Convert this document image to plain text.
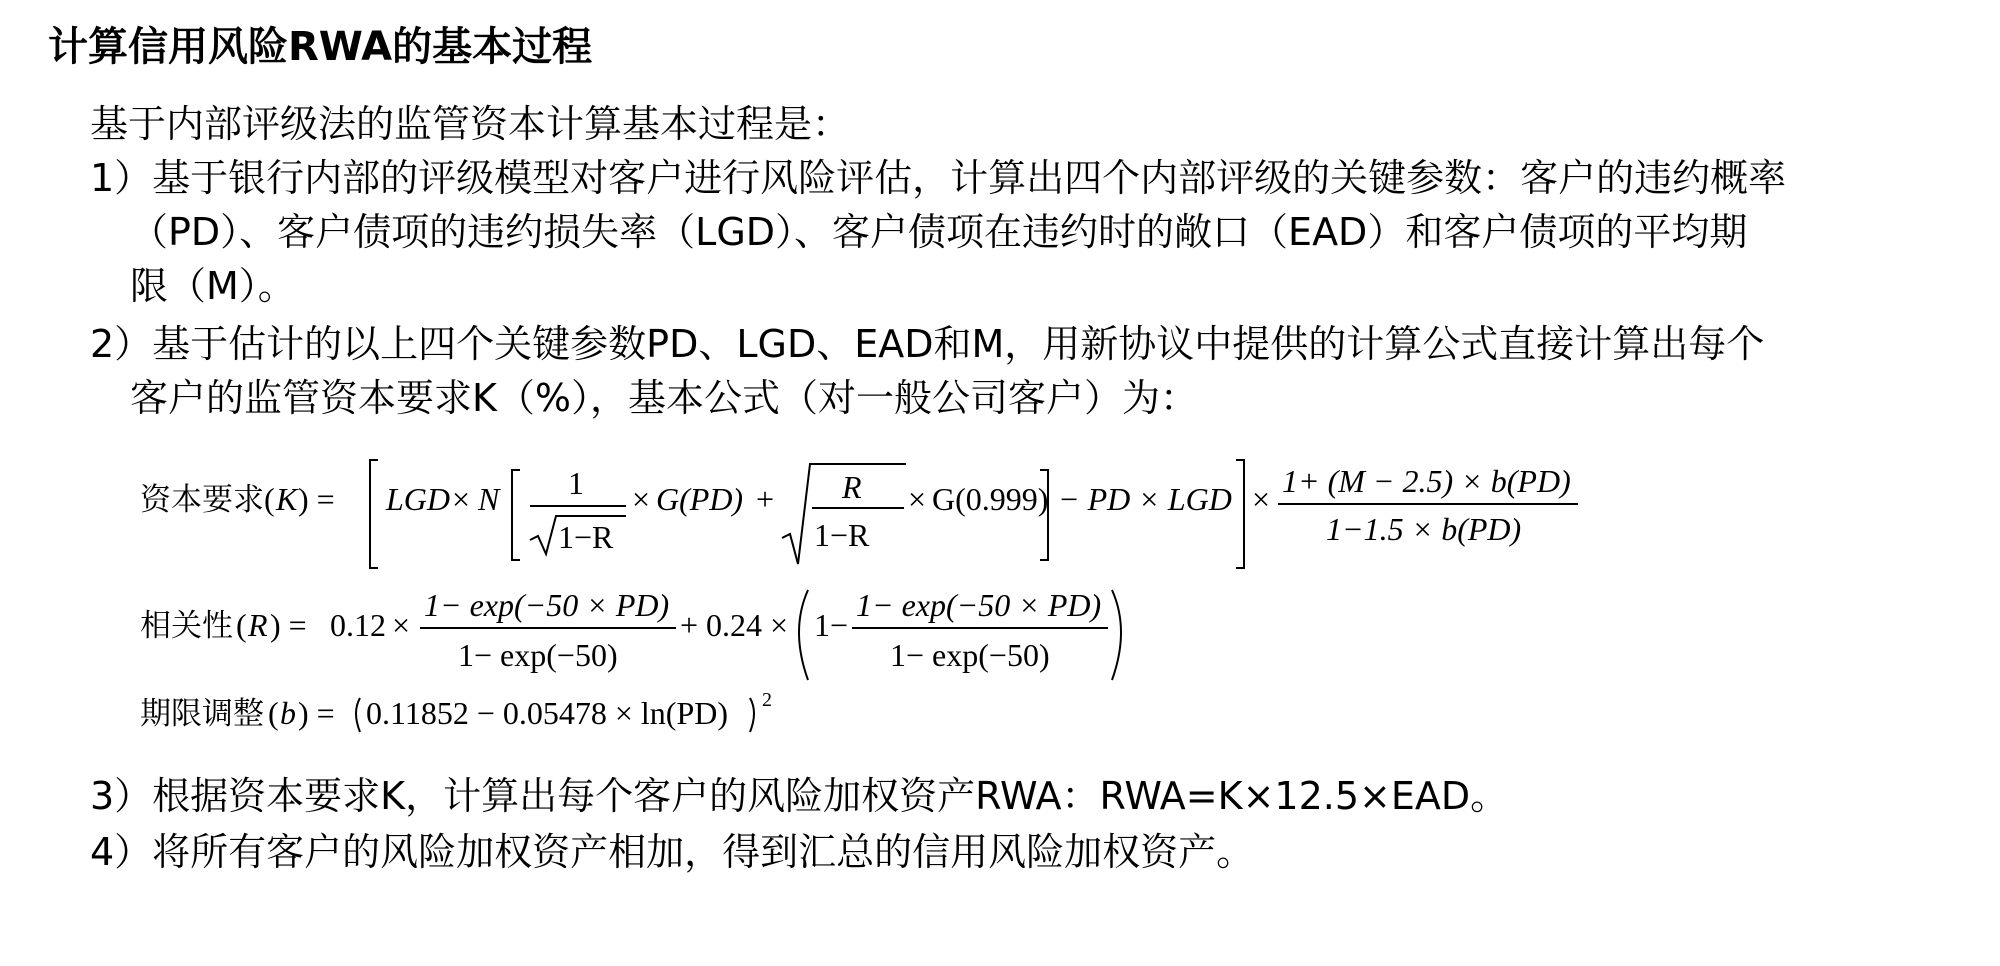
计算信用风险RWA的基本过程
基于内部评级法的监管资本计算基本过程是：
1）基于银行内部的评级模型对客户进行风险评估，计算出四个内部评级的关键参数：客户的违约概率
（PD）、客户债项的违约损失率（LGD）、客户债项在违约时的敞口（EAD）和客户债项的平均期
限（M）。
2）基于估计的以上四个关键参数PD、LGD、EAD和M，用新协议中提供的计算公式直接计算出每个
客户的监管资本要求K（%），基本公式（对一般公司客户）为：
资本要求 ( K ) = LGD × N 1
1−R
× G(PD) + R
1−R
× G(0.999) − PD × LGD × 1+ (M − 2.5) × b(PD)
1−1.5 × b(PD)
相关性 ( R ) = 0.12 ×
1− exp(−50 × PD)
1− exp(−50)
+ 0.24 × 1−
1− exp(−50 × PD)
1− exp(−50)
期限调整 ( b ) = 0.11852 − 0.05478 × ln(PD) 2
3）根据资本要求K，计算出每个客户的风险加权资产RWA：RWA=K×12.5×EAD。
4）将所有客户的风险加权资产相加，得到汇总的信用风险加权资产。
